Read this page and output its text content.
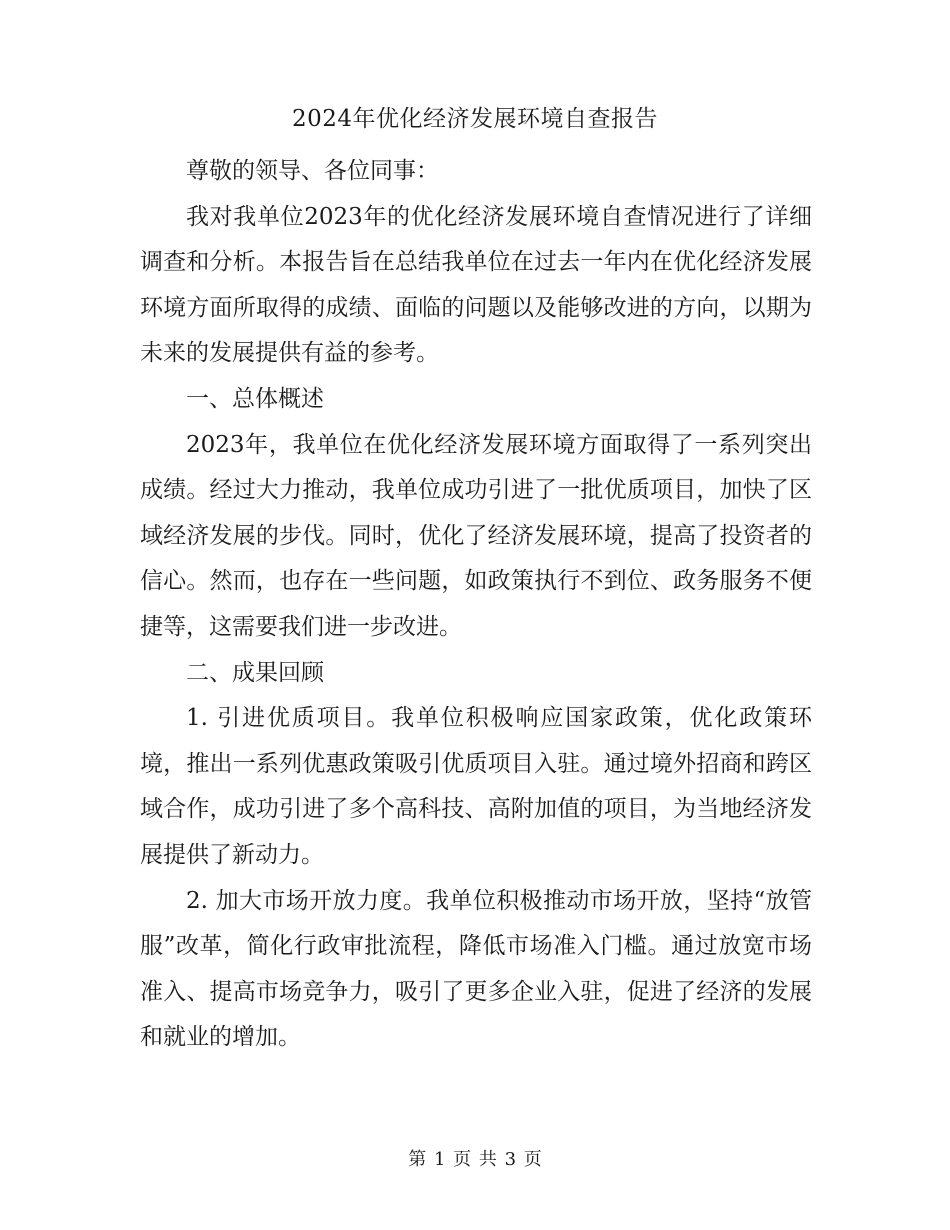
2024年优化经济发展环境自查报告

尊敬的领导、各位同事：

我对我单位2023年的优化经济发展环境自查情况进行了详细调查和分析。本报告旨在总结我单位在过去一年内在优化经济发展环境方面所取得的成绩、面临的问题以及能够改进的方向，以期为未来的发展提供有益的参考。

一、总体概述

2023年，我单位在优化经济发展环境方面取得了一系列突出成绩。经过大力推动，我单位成功引进了一批优质项目，加快了区域经济发展的步伐。同时，优化了经济发展环境，提高了投资者的信心。然而，也存在一些问题，如政策执行不到位、政务服务不便捷等，这需要我们进一步改进。

二、成果回顾

1. 引进优质项目。我单位积极响应国家政策，优化政策环境，推出一系列优惠政策吸引优质项目入驻。通过境外招商和跨区域合作，成功引进了多个高科技、高附加值的项目，为当地经济发展提供了新动力。

2. 加大市场开放力度。我单位积极推动市场开放，坚持“放管服”改革，简化行政审批流程，降低市场准入门槛。通过放宽市场准入、提高市场竞争力，吸引了更多企业入驻，促进了经济的发展和就业的增加。

第 1 页 共 3 页
